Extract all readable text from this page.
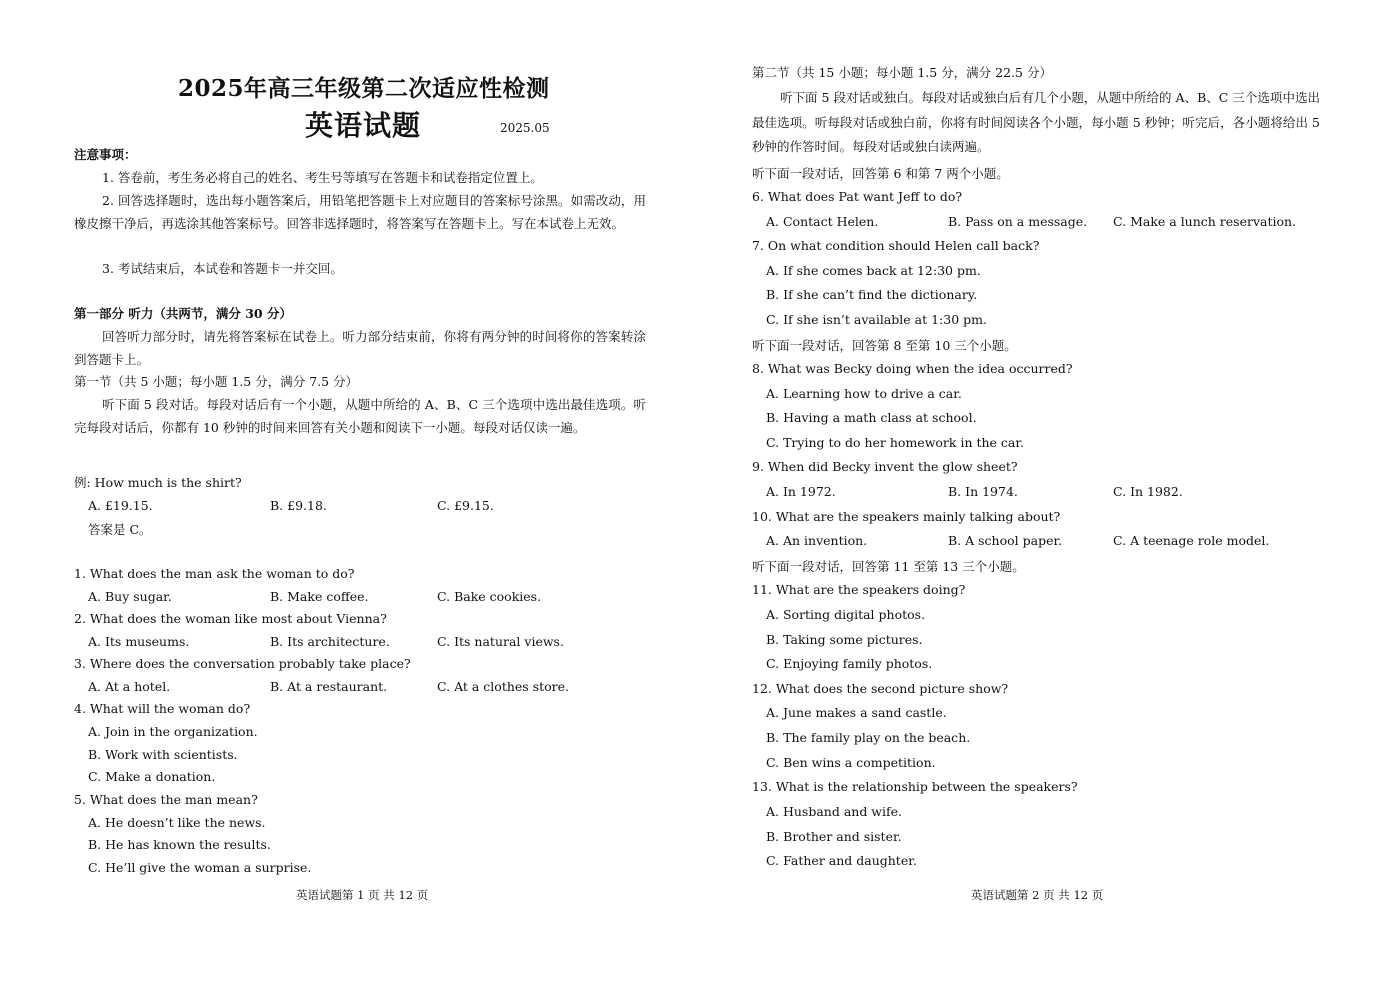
2025年高三年级第二次适应性检测
英语试题	2025.05
注意事项：
1. 答卷前，考生务必将自己的姓名、考生号等填写在答题卡和试卷指定位置上。
2. 回答选择题时，选出每小题答案后，用铅笔把答题卡上对应题目的答案标号涂黑。如需改动，用橡皮擦干净后，再选涂其他答案标号。回答非选择题时，将答案写在答题卡上。写在本试卷上无效。
3. 考试结束后，本试卷和答题卡一并交回。
第一部分 听力（共两节，满分 30 分）
回答听力部分时，请先将答案标在试卷上。听力部分结束前，你将有两分钟的时间将你的答案转涂到答题卡上。
第一节（共 5 小题；每小题 1.5 分，满分 7.5 分）
听下面 5 段对话。每段对话后有一个小题，从题中所给的 A、B、C 三个选项中选出最佳选项。听完每段对话后，你都有 10 秒钟的时间来回答有关小题和阅读下一小题。每段对话仅读一遍。
例: How much is the shirt?
A. £19.15.	B. £9.18.	C. £9.15.
答案是 C。
1. What does the man ask the woman to do?
A. Buy sugar.	B. Make coffee.	C. Bake cookies.
2. What does the woman like most about Vienna?
A. Its museums.	B. Its architecture.	C. Its natural views.
3. Where does the conversation probably take place?
A. At a hotel.	B. At a restaurant.	C. At a clothes store.
4. What will the woman do?
A. Join in the organization.
B. Work with scientists.
C. Make a donation.
5. What does the man mean?
A. He doesn’t like the news.
B. He has known the results.
C. He’ll give the woman a surprise.
英语试题第 1 页 共 12 页
第二节（共 15 小题；每小题 1.5 分，满分 22.5 分）
听下面 5 段对话或独白。每段对话或独白后有几个小题，从题中所给的 A、B、C 三个选项中选出最佳选项。听每段对话或独白前，你将有时间阅读各个小题，每小题 5 秒钟；听完后，各小题将给出 5 秒钟的作答时间。每段对话或独白读两遍。
听下面一段对话，回答第 6 和第 7 两个小题。
6. What does Pat want Jeff to do?
A. Contact Helen.	B. Pass on a message. C. Make a lunch reservation.
7. On what condition should Helen call back?
A. If she comes back at 12:30 pm.
B. If she can’t find the dictionary.
C. If she isn’t available at 1:30 pm.
听下面一段对话，回答第 8 至第 10 三个小题。
8. What was Becky doing when the idea occurred?
A. Learning how to drive a car.
B. Having a math class at school.
C. Trying to do her homework in the car.
9. When did Becky invent the glow sheet?
A. In 1972.	B. In 1974.	C. In 1982.
10. What are the speakers mainly talking about?
A. An invention.	B. A school paper.	C. A teenage role model.
听下面一段对话，回答第 11 至第 13 三个小题。
11. What are the speakers doing?
A. Sorting digital photos.
B. Taking some pictures.
C. Enjoying family photos.
12. What does the second picture show?
A. June makes a sand castle.
B. The family play on the beach.
C. Ben wins a competition.
13. What is the relationship between the speakers?
A. Husband and wife.
B. Brother and sister.
C. Father and daughter.
英语试题第 2 页 共 12 页
